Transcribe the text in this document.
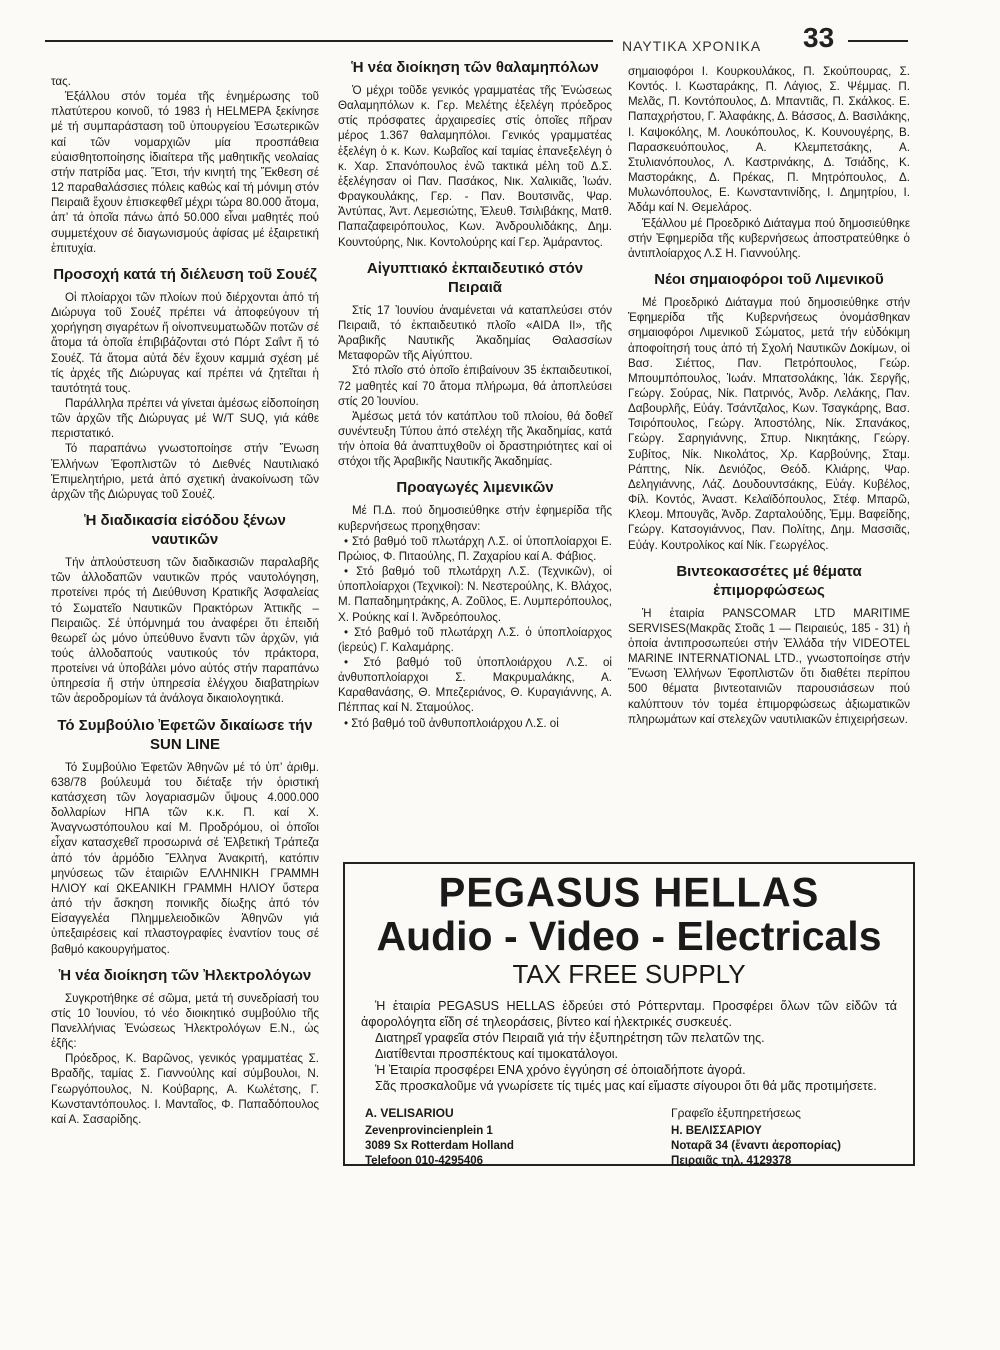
ΝΑΥΤΙΚΑ ΧΡΟΝΙΚΑ 33

τας.

Ἐξάλλου στόν τομέα τῆς ἐνημέρωσης τοῦ πλατύτερου κοινοῦ, τό 1983 ἡ HELMEPA ξεκίνησε μέ τή συμπαράσταση τοῦ ὑπουργείου Ἐσωτερικῶν καί τῶν νομαρχιῶν μία προσπάθεια εὐαισθητοποίησης ἰδιαίτερα τῆς μαθητικῆς νεολαίας στήν πατρίδα μας. Ἔτσι, τήν κινητή της Ἔκθεση σέ 12 παραθαλάσσιες πόλεις καθώς καί τή μόνιμη στόν Πειραιᾶ ἔχουν ἐπισκεφθεῖ μέχρι τώρα 80.000 ἄτομα, ἀπ’ τά ὁποῖα πάνω ἀπό 50.000 εἶναι μαθητές πού συμμετέχουν σέ διαγωνισμούς ἀφίσας μέ ἐξαιρετική ἐπιτυχία.

Προσοχή κατά τή διέλευση τοῦ Σουέζ

Οἱ πλοίαρχοι τῶν πλοίων πού διέρχονται ἀπό τή Διώρυγα τοῦ Σουέζ πρέπει νά ἀποφεύγουν τή χορήγηση σιγαρέτων ἤ οἰνοπνευματωδῶν ποτῶν σέ ἄτομα τά ὁποῖα ἐπιβιβάζονται στό Πόρτ Σαΐντ ἤ τό Σουέζ. Τά ἄτομα αὐτά δέν ἔχουν καμμιά σχέση μέ τίς ἀρχές τῆς Διώρυγας καί πρέπει νά ζητεῖται ἡ ταυτότητά τους.

Παράλληλα πρέπει νά γίνεται ἀμέσως εἰδοποίηση τῶν ἀρχῶν τῆς Διώρυγας μέ W/T SUQ, γιά κάθε περιστατικό.

Τό παραπάνω γνωστοποίησε στήν Ἕνωση Ἑλλήνων Ἐφοπλιστῶν τό Διεθνές Ναυτιλιακό Ἐπιμελητήριο, μετά ἀπό σχετική ἀνακοίνωση τῶν ἀρχῶν τῆς Διώρυγας τοῦ Σουέζ.

Ἡ διαδικασία εἰσόδου ξένων ναυτικῶν

Τήν ἁπλούστευση τῶν διαδικασιῶν παραλαβῆς τῶν ἀλλοδαπῶν ναυτικῶν πρός ναυτολόγηση, προτείνει πρός τή Διεύθυνση Κρατικῆς Ἀσφαλείας τό Σωματεῖο Ναυτικῶν Πρακτόρων Ἀττικῆς – Πειραιῶς. Σέ ὑπόμνημά του ἀναφέρει ὅτι ἐπειδή θεωρεῖ ὡς μόνο ὑπεύθυνο ἔναντι τῶν ἀρχῶν, γιά τούς ἀλλοδαπούς ναυτικούς τόν πράκτορα, προτείνει νά ὑποβάλει μόνο αὐτός στήν παραπάνω ὑπηρεσία ἤ στήν ὑπηρεσία ἐλέγχου διαβατηρίων τῶν ἀεροδρομίων τά ἀνάλογα δικαιολογητικά.

Τό Συμβούλιο Ἐφετῶν δικαίωσε τήν SUN LINE

Τό Συμβούλιο Ἐφετῶν Ἀθηνῶν μέ τό ὑπ’ ἀριθμ. 638/78 βούλευμά του διέταξε τήν ὁριστική κατάσχεση τῶν λογαριασμῶν ὕψους 4.000.000 δολλαρίων ΗΠΑ τῶν κ.κ. Π. καί Χ. Ἀναγνωστόπουλου καί Μ. Προδρόμου, οἱ ὁποῖοι εἶχαν κατασχεθεῖ προσωρινά σέ Ἑλβετική Τράπεζα ἀπό τόν ἁρμόδιο Ἕλληνα Ἀνακριτή, κατόπιν μηνύσεως τῶν ἑταιριῶν ΕΛΛΗΝΙΚΗ ΓΡΑΜΜΗ ΗΛΙΟΥ καί ΩΚΕΑΝΙΚΗ ΓΡΑΜΜΗ ΗΛΙΟΥ ὕστερα ἀπό τήν ἄσκηση ποινικῆς δίωξης ἀπό τόν Εἰσαγγελέα Πλημμελειοδικῶν Ἀθηνῶν γιά ὑπεξαιρέσεις καί πλαστογραφίες ἐναντίον τους σέ βαθμό κακουργήματος.

Ἡ νέα διοίκηση τῶν Ἠλεκτρολόγων

Συγκροτήθηκε σέ σῶμα, μετά τή συνεδρίασή του στίς 10 Ἰουνίου, τό νέο διοικητικό συμβούλιο τῆς Πανελλήνιας Ἑνώσεως Ἠλεκτρολόγων Ε.Ν., ὡς ἑξῆς:

Πρόεδρος, Κ. Βαρῶνος, γενικός γραμματέας Σ. Βραδῆς, ταμίας Σ. Γιαννούλης καί σύμβουλοι, Ν. Γεωργόπουλος, Ν. Κούβαρης, Α. Κωλέτσης, Γ. Κωνσταντόπουλος. Ι. Μανταῖος, Φ. Παπαδόπουλος καί Α. Σασαρίδης.

Ἡ νέα διοίκηση τῶν θαλαμηπόλων

Ὁ μέχρι τοῦδε γενικός γραμματέας τῆς Ἑνώσεως Θαλαμηπόλων κ. Γερ. Μελέτης ἐξελέγη πρόεδρος στίς πρόσφατες ἀρχαιρεσίες στίς ὁποῖες πῆραν μέρος 1.367 θαλαμηπόλοι. Γενικός γραμματέας ἐξελέγη ὁ κ. Κων. Κωβαῖος καί ταμίας ἐπανεξελέγη ὁ κ. Χαρ. Σπανόπουλος ἐνῶ τακτικά μέλη τοῦ Δ.Σ. ἐξελέγησαν οἱ Παν. Πασάκος, Νικ. Χαλικιᾶς, Ἰωάν. Φραγκουλάκης, Γερ. - Παν. Βουτσινᾶς, Ψαρ. Ἀντύπας, Ἀντ. Λεμεσιώτης, Ἐλευθ. Τσιλιβάκης, Ματθ. Παπαζαφειρόπουλος, Κων. Ἀνδρουλιδάκης, Δημ. Κουντούρης, Νικ. Κοντολούρης καί Γερ. Ἀμάραντος.

Αἰγυπτιακό ἐκπαιδευτικό στόν Πειραιᾶ

Στίς 17 Ἰουνίου ἀναμένεται νά καταπλεύσει στόν Πειραιᾶ, τό ἐκπαιδευτικό πλοῖο «AIDA II», τῆς Ἀραβικῆς Ναυτικῆς Ἀκαδημίας Θαλασσίων Μεταφορῶν τῆς Αἰγύπτου.

Στό πλοῖο στό ὁποῖο ἐπιβαίνουν 35 ἐκπαιδευτικοί, 72 μαθητές καί 70 ἄτομα πλήρωμα, θά ἀποπλεύσει στίς 20 Ἰουνίου.

Ἀμέσως μετά τόν κατάπλου τοῦ πλοίου, θά δοθεῖ συνέντευξη Τύπου ἀπό στελέχη τῆς Ἀκαδημίας, κατά τήν ὁποία θά ἀναπτυχθοῦν οἱ δραστηριότητες καί οἱ στόχοι τῆς Ἀραβικῆς Ναυτικῆς Ἀκαδημίας.

Προαγωγές λιμενικῶν

Μέ Π.Δ. πού δημοσιεύθηκε στήν ἐφημερίδα τῆς κυβερνήσεως προηχθησαν:

• Στό βαθμό τοῦ πλωτάρχη Λ.Σ. οἱ ὑποπλοίαρχοι Ε. Πρώιος, Φ. Πιταούλης, Π. Ζαχαρίου καί Α. Φάβιος.
• Στό βαθμό τοῦ πλωτάρχη Λ.Σ. (Τεχνικῶν), οἱ ὑποπλοίαρχοι (Τεχνικοί): Ν. Νεστερούλης, Κ. Βλάχος, Μ. Παπαδημητράκης, Α. Ζοῦλος, Ε. Λυμπερόπουλος, Χ. Ρούκης καί Ι. Ἀνδρεόπουλος.
• Στό βαθμό τοῦ πλωτάρχη Λ.Σ. ὁ ὑποπλοίαρχος (ἱερεύς) Γ. Καλαμάρης.
• Στό βαθμό τοῦ ὑποπλοιάρχου Λ.Σ. οἱ ἀνθυποπλοίαρχοι Σ. Μακρυμαλάκης, Α. Καραθανάσης, Θ. Μπεζεριάνος, Θ. Κυραγιάννης, Α. Πέππας καί Ν. Σταμούλος.
• Στό βαθμό τοῦ ἀνθυποπλοιάρχου Λ.Σ. οἱ

σημαιοφόροι Ι. Κουρκουλάκος, Π. Σκούπουρας, Σ. Κοντός. Ι. Κωσταράκης, Π. Λάγιος, Σ. Ψέμμας. Π. Μελᾶς, Π. Κοντόπουλος, Δ. Μπαντιᾶς, Π. Σκάλκος. Ε. Παπαχρήστου, Γ. Ἀλαφάκης, Δ. Βάσσος, Δ. Βασιλάκης, Ι. Καψοκόλης, Μ. Λουκόπουλος, Κ. Κουνουγέρης, Β. Παρασκευόπουλος, Α. Κλεμπετσάκης, Α. Στυλιανόπουλος, Λ. Καστρινάκης, Δ. Τσιάδης, Κ. Μαστοράκης, Δ. Πρέκας, Π. Μητρόπουλος, Δ. Μυλωνόπουλος, Ε. Κωνσταντινίδης, Ι. Δημητρίου, Ι. Ἀδάμ καί Ν. Θεμελάρος.

Ἐξάλλου μέ Προεδρικό Διάταγμα πού δημοσιεύθηκε στήν Ἐφημερίδα τῆς κυβερνήσεως ἀποστρατεύθηκε ὁ ἀντιπλοίαρχος Λ.Σ Η. Γιαννούλης.

Νέοι σημαιοφόροι τοῦ Λιμενικοῦ

Μέ Προεδρικό Διάταγμα πού δημοσιεύθηκε στήν Ἐφημερίδα τῆς Κυβερνήσεως ὀνομάσθηκαν σημαιοφόροι Λιμενικοῦ Σώματος, μετά τήν εὐδόκιμη ἀποφοίτησή τους ἀπό τή Σχολή Ναυτικῶν Δοκίμων, οἱ Βασ. Σιέττος, Παν. Πετρόπουλος, Γεώρ. Μπουμπόπουλος, Ἰωάν. Μπατσολάκης, Ἰάκ. Σεργῆς, Γεώργ. Σούρας, Νίκ. Πατρινός, Ἀνδρ. Λελάκης, Παν. Δαβουρλῆς, Εὐάγ. Τσάντζαλος, Κων. Τσαγκάρης, Βασ. Τσιρόπουλος, Γεώργ. Ἀποστόλης, Νίκ. Σπανάκος, Γεώργ. Σαρηγιάννης, Σπυρ. Νικητάκης, Γεώργ. Συβίτος, Νίκ. Νικολάτος, Χρ. Καρβούνης, Σταμ. Ράπτης, Νίκ. Δενιόζος, Θεόδ. Κλιάρης, Ψαρ. Δεληγιάννης, Λάζ. Δουδουντσάκης, Εὐάγ. Κυβέλος, Φίλ. Κοντός, Ἀναστ. Κελαϊδόπουλος, Στέφ. Μπαρῶ, Κλεομ. Μπουγᾶς, Ἀνδρ. Ζαρταλούδης, Ἐμμ. Βαφείδης, Γεώργ. Κατσογιάννος, Παν. Πολίτης, Δημ. Μασσιᾶς, Εὐάγ. Κουτρολίκος καί Νίκ. Γεωργέλος.

Βιντεοκασσέτες μέ θέματα ἐπιμορφώσεως

Ἡ ἑταιρία PANSCOMAR LTD MARITIME SERVISES(Μακρᾶς Στοᾶς 1 — Πειραιεύς, 185 - 31) ἡ ὁποία ἀντιπροσωπεύει στήν Ἑλλάδα τήν VIDEOTEL MARINE INTERNATIONAL LTD., γνωστοποίησε στήν Ἕνωση Ἑλλήνων Ἐφοπλιστῶν ὅτι διαθέτει περίπου 500 θέματα βιντεοταινιῶν παρουσιάσεων πού καλύπτουν τόν τομέα ἐπιμορφώσεως ἀξιωματικῶν πληρωμάτων καί στελεχῶν ναυτιλιακῶν ἐπιχειρήσεων.

PEGASUS HELLAS
Audio - Video - Electricals
TAX FREE SUPPLY

Ἡ ἑταιρία PEGASUS HELLAS ἑδρεύει στό Ρόττερνταμ. Προσφέρει ὅλων τῶν εἰδῶν τά ἀφορολόγητα εἴδη σέ τηλεοράσεις, βίντεο καί ἠλεκτρικές συσκευές.

Διατηρεῖ γραφεῖα στόν Πειραιᾶ γιά τήν ἐξυπηρέτηση τῶν πελατῶν της.

Διατίθενται προσπέκτους καί τιμοκατάλογοι.

Ἡ Ἑταιρία προσφέρει ΕΝΑ χρόνο ἐγγύηση σέ ὁποιαδήποτε ἀγορά.

Σᾶς προσκαλοῦμε νά γνωρίσετε τίς τιμές μας καί εἴμαστε σίγουροι ὅτι θά μᾶς προτιμήσετε.

A. VELISARIOU
Zevenprovincienplein 1
3089 Sx Rotterdam Holland
Telefoon 010-4295406
Γραφεῖο ἐξυπηρετήσεως
Η. ΒΕΛΙΣΣΑΡΙΟΥ
Νοταρᾶ 34 (ἔναντι ἀεροπορίας)
Πειραιᾶς τηλ. 4129378
